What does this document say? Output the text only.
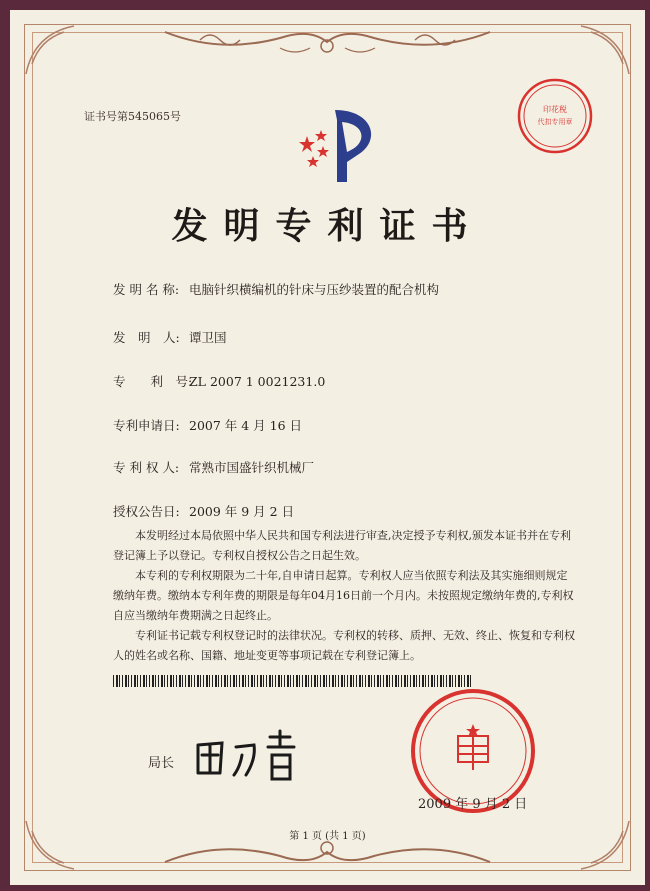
证书号第545065号
印花税
代扣专用章
发明专利证书
发 明 名 称: 电脑针织横编机的针床与压纱装置的配合机构
发　明　人: 谭卫国
专　　利　号:ZL 2007 1 0021231.0
专利申请日: 2007 年 4 月 16 日
专 利 权 人: 常熟市国盛针织机械厂
授权公告日: 2009 年 9 月 2 日

本发明经过本局依照中华人民共和国专利法进行审查,决定授予专利权,颁发本证书并在专利登记簿上予以登记。专利权自授权公告之日起生效。

本专利的专利权期限为二十年,自申请日起算。专利权人应当依照专利法及其实施细则规定缴纳年费。缴纳本专利年费的期限是每年04月16日前一个月内。未按照规定缴纳年费的,专利权自应当缴纳年费期满之日起终止。

专利证书记载专利权登记时的法律状况。专利权的转移、质押、无效、终止、恢复和专利权人的姓名或名称、国籍、地址变更等事项记载在专利登记簿上。

局长
2009 年 9 月 2 日
第 1 页 (共 1 页)
